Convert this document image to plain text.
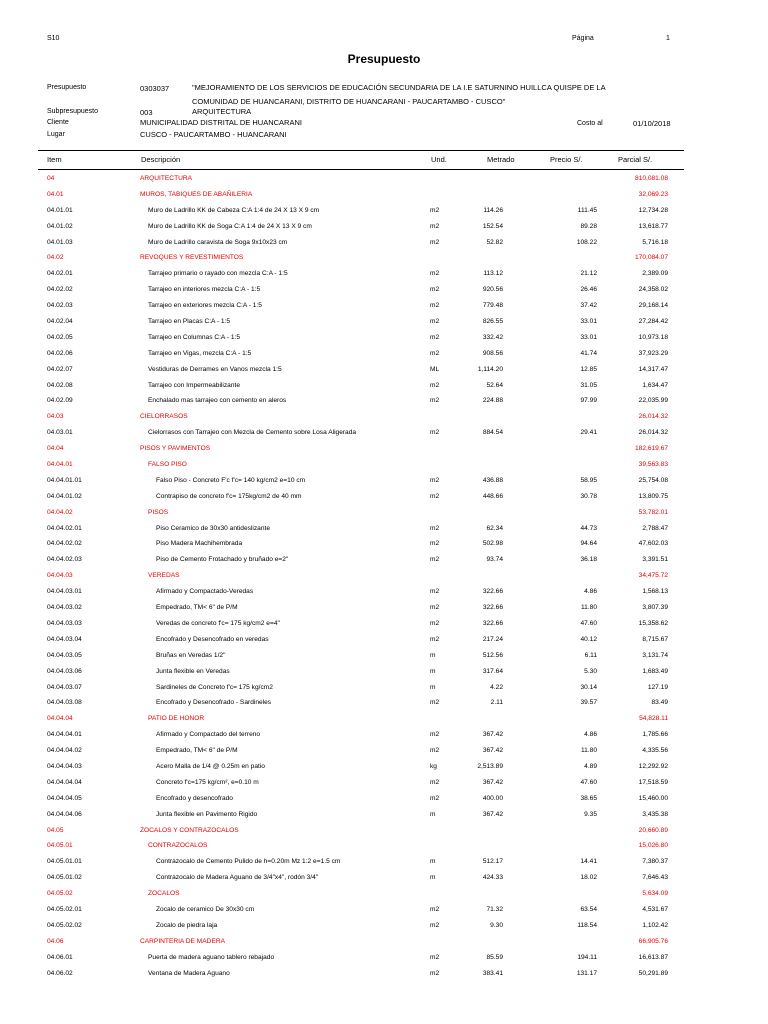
S10	Página	1
Presupuesto
Presupuesto	0303037	"MEJORAMIENTO DE LOS SERVICIOS DE EDUCACIÓN SECUNDARIA DE LA I.E SATURNINO HUILLCA QUISPE DE LA
COMUNIDAD DE HUANCARANI, DISTRITO DE HUANCARANI - PAUCARTAMBO - CUSCO"
Subpresupuesto	003	ARQUITECTURA
Cliente	MUNICIPALIDAD DISTRITAL DE HUANCARANI	Costo al	01/10/2018
Lugar	CUSCO - PAUCARTAMBO - HUANCARANI
Item	Descripción	Und.	Metrado	Precio S/.	Parcial S/.
04	ARQUITECTURA	810,081.08
04.01	MUROS, TABIQUES DE ABAÑILERIA	32,069.23
04.01.01	Muro de Ladrillo KK de Cabeza C:A 1:4 de 24 X 13 X 9 cm	m2	114.26	111.45	12,734.28
04.01.02	Muro de Ladrillo KK de Soga C:A 1:4 de 24 X 13 X 9 cm	m2	152.54	89.28	13,618.77
04.01.03	Muro de Ladrillo caravista de Soga 9x10x23 cm	m2	52.82	108.22	5,716.18
04.02	REVOQUES Y REVESTIMIENTOS	170,084.07
04.02.01	Tarrajeo primario o rayado con mezcla C:A - 1:5	m2	113.12	21.12	2,389.09
04.02.02	Tarrajeo en interiores mezcla C:A - 1:5	m2	920.56	26.46	24,358.02
04.02.03	Tarrajeo en exteriores mezcla C:A - 1:5	m2	779.48	37.42	29,168.14
04.02.04	Tarrajeo en Placas C:A - 1:5	m2	826.55	33.01	27,284.42
04.02.05	Tarrajeo en Columnas C:A - 1:5	m2	332.42	33.01	10,973.18
04.02.06	Tarrajeo en Vigas, mezcla C:A - 1:5	m2	908.56	41.74	37,923.29
04.02.07	Vestiduras de Derrames en Vanos mezcla 1:5	ML	1,114.20	12.85	14,317.47
04.02.08	Tarrajeo con Impermeabilizante	m2	52.64	31.05	1,634.47
04.02.09	Enchalado mas tarrajeo con cemento en aleros	m2	224.88	97.99	22,035.99
04.03	CIELORRASOS	26,014.32
04.03.01	Cielorrasos con Tarrajeo con Mezcla de Cemento sobre Losa Aligerada	m2	884.54	29.41	26,014.32
04.04	PISOS Y PAVIMENTOS	182,619.67
04.04.01	FALSO PISO	39,563.83
04.04.01.01	Falso Piso - Concreto F'c f'c= 140 kg/cm2 e=10 cm	m2	436.88	58.95	25,754.08
04.04.01.02	Contrapiso de concreto f'c= 175kg/cm2 de 40 mm	m2	448.66	30.78	13,809.75
04.04.02	PISOS	53,782.01
04.04.02.01	Piso Ceramico de 30x30 antideslizante	m2	62.34	44.73	2,788.47
04.04.02.02	Piso Madera Machihembrada	m2	502.98	94.64	47,602.03
04.04.02.03	Piso de Cemento Frotachado y bruñado e=2"	m2	93.74	36.18	3,391.51
04.04.03	VEREDAS	34,475.72
04.04.03.01	Afirmado y Compactado-Veredas	m2	322.66	4.86	1,568.13
04.04.03.02	Empedrado, TM< 6" de P/M	m2	322.66	11.80	3,807.39
04.04.03.03	Veredas de concreto f'c= 175 kg/cm2 e=4"	m2	322.66	47.60	15,358.62
04.04.03.04	Encofrado y Desencofrado en veredas	m2	217.24	40.12	8,715.67
04.04.03.05	Bruñas en Veredas 1/2"	m	512.56	6.11	3,131.74
04.04.03.06	Junta flexible en Veredas	m	317.64	5.30	1,683.49
04.04.03.07	Sardineles de Concreto f'c= 175 kg/cm2	m	4.22	30.14	127.19
04.04.03.08	Encofrado y Desencofrado - Sardineles	m2	2.11	39.57	83.49
04.04.04	PATIO DE HONOR	54,828.11
04.04.04.01	Afirmado y Compactado del terreno	m2	367.42	4.86	1,785.66
04.04.04.02	Empedrado, TM< 6" de P/M	m2	367.42	11.80	4,335.56
04.04.04.03	Acero Malla de 1/4 @ 0.25m en patio	kg	2,513.89	4.89	12,292.92
04.04.04.04	Concreto f'c=175 kg/cm², e=0.10 m	m2	367.42	47.60	17,518.59
04.04.04.05	Encofrado y desencofrado	m2	400.00	38.65	15,460.00
04.04.04.06	Junta flexible en Pavimento Rigido	m	367.42	9.35	3,435.38
04.05	ZOCALOS Y CONTRAZOCALOS	20,660.89
04.05.01	CONTRAZOCALOS	15,026.80
04.05.01.01	Contrazocalo de Cemento Pulido de h=0.20m Mz 1:2 e=1.5 cm	m	512.17	14.41	7,380.37
04.05.01.02	Contrazocalo de Madera Aguano de 3/4"x4", rodón 3/4"	m	424.33	18.02	7,646.43
04.05.02	ZOCALOS	5,634.09
04.05.02.01	Zocalo de ceramico De 30x30 cm	m2	71.32	63.54	4,531.67
04.05.02.02	Zocalo de piedra laja	m2	9.30	118.54	1,102.42
04.06	CARPINTERIA DE MADERA	66,905.76
04.06.01	Puerta de madera aguano tablero rebajado	m2	85.59	194.11	16,613.87
04.06.02	Ventana de Madera Aguano	m2	383.41	131.17	50,291.89
